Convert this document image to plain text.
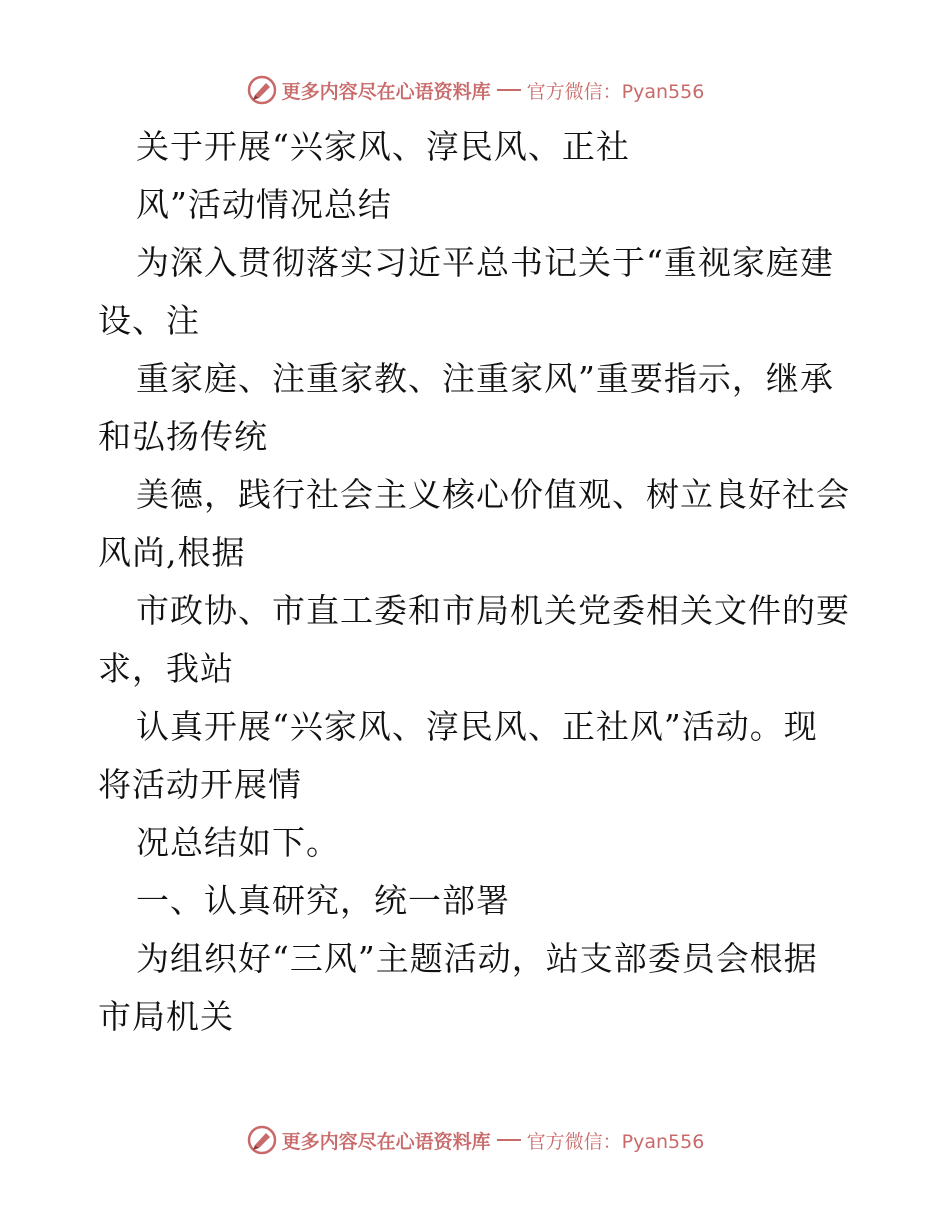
更多内容尽在心语资料库 官方微信：Pyan556
关于开展“兴家风、淳民风、正社
风”活动情况总结
为深入贯彻落实习近平总书记关于“重视家庭建
设、注
重家庭、注重家教、注重家风”重要指示，继承
和弘扬传统
美德，践行社会主义核心价值观、树立良好社会
风尚,根据
市政协、市直工委和市局机关党委相关文件的要
求，我站
认真开展“兴家风、淳民风、正社风”活动。现
将活动开展情
况总结如下。
一、认真研究，统一部署
为组织好“三风”主题活动，站支部委员会根据
市局机关
更多内容尽在心语资料库 官方微信：Pyan556
